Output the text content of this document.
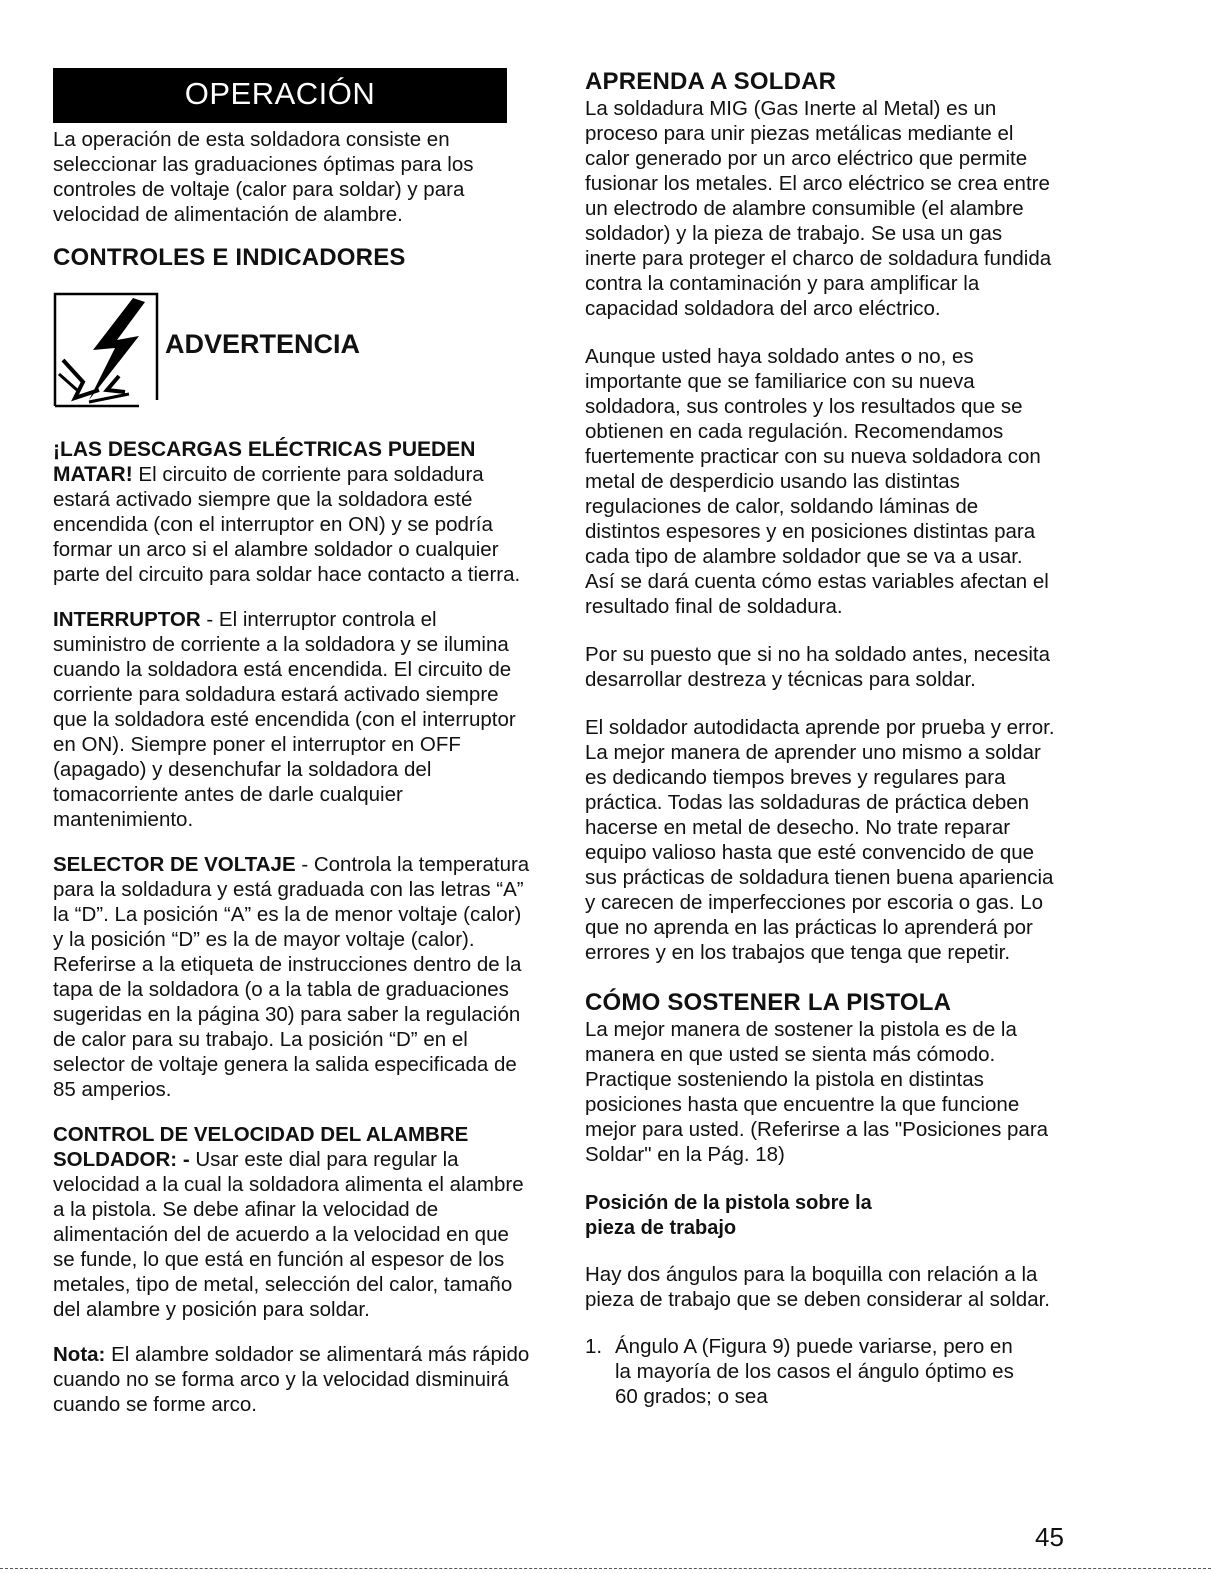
OPERACIÓN

La operación de esta soldadora consiste en seleccionar las graduaciones óptimas para los controles de voltaje (calor para soldar) y para velocidad de alimentación de alambre.

CONTROLES E INDICADORES
ADVERTENCIA

¡LAS DESCARGAS ELÉCTRICAS PUEDEN MATAR! El circuito de corriente para soldadura estará activado siempre que la soldadora esté encendida (con el interruptor en ON) y se podría formar un arco si el alambre soldador o cualquier parte del circuito para soldar hace contacto a tierra.

INTERRUPTOR - El interruptor controla el suministro de corriente a la soldadora y se ilumina cuando la soldadora está encendida. El circuito de corriente para soldadura estará activado siempre que la soldadora esté encendida (con el interruptor en ON). Siempre poner el interruptor en OFF (apagado) y desenchufar la soldadora del tomacorriente antes de darle cualquier mantenimiento.

SELECTOR DE VOLTAJE - Controla la temperatura para la soldadura y está graduada con las letras “A” la “D”. La posición “A” es la de menor voltaje (calor) y la posición “D” es la de mayor voltaje (calor). Referirse a la etiqueta de instrucciones dentro de la tapa de la soldadora (o a la tabla de graduaciones sugeridas en la página 30) para saber la regulación de calor para su trabajo. La posición “D” en el selector de voltaje genera la salida especificada de 85 amperios.

CONTROL DE VELOCIDAD DEL ALAMBRE SOLDADOR: - Usar este dial para regular la velocidad a la cual la soldadora alimenta el alambre a la pistola. Se debe afinar la velocidad de alimentación del de acuerdo a la velocidad en que se funde, lo que está en función al espesor de los metales, tipo de metal, selección del calor, tamaño del alambre y posición para soldar.

Nota: El alambre soldador se alimentará más rápido cuando no se forma arco y la velocidad disminuirá cuando se forme arco.

APRENDA A SOLDAR

La soldadura MIG (Gas Inerte al Metal) es un proceso para unir piezas metálicas mediante el calor generado por un arco eléctrico que permite fusionar los metales. El arco eléctrico se crea entre un electrodo de alambre consumible (el alambre soldador) y la pieza de trabajo. Se usa un gas inerte para proteger el charco de soldadura fundida contra la contaminación y para amplificar la capacidad soldadora del arco eléctrico.

Aunque usted haya soldado antes o no, es importante que se familiarice con su nueva soldadora, sus controles y los resultados que se obtienen en cada regulación. Recomendamos fuertemente practicar con su nueva soldadora con metal de desperdicio usando las distintas regulaciones de calor, soldando láminas de distintos espesores y en posiciones distintas para cada tipo de alambre soldador que se va a usar. Así se dará cuenta cómo estas variables afectan el resultado final de soldadura.

Por su puesto que si no ha soldado antes, necesita desarrollar destreza y técnicas para soldar.

El soldador autodidacta aprende por prueba y error. La mejor manera de aprender uno mismo a soldar es dedicando tiempos breves y regulares para práctica. Todas las soldaduras de práctica deben hacerse en metal de desecho. No trate reparar equipo valioso hasta que esté convencido de que sus prácticas de soldadura tienen buena apariencia y carecen de imperfecciones por escoria o gas. Lo que no aprenda en las prácticas lo aprenderá por errores y en los trabajos que tenga que repetir.

CÓMO SOSTENER LA PISTOLA

La mejor manera de sostener la pistola es de la manera en que usted se sienta más cómodo. Practique sosteniendo la pistola en distintas posiciones hasta que encuentre la que funcione mejor para usted. (Referirse a las "Posiciones para Soldar" en la Pág. 18)

Posición de la pistola sobre la pieza de trabajo

Hay dos ángulos para la boquilla con relación a la pieza de trabajo que se deben considerar al soldar.

1. Ángulo A (Figura 9) puede variarse, pero en la mayoría de los casos el ángulo óptimo es 60 grados; o sea
45
